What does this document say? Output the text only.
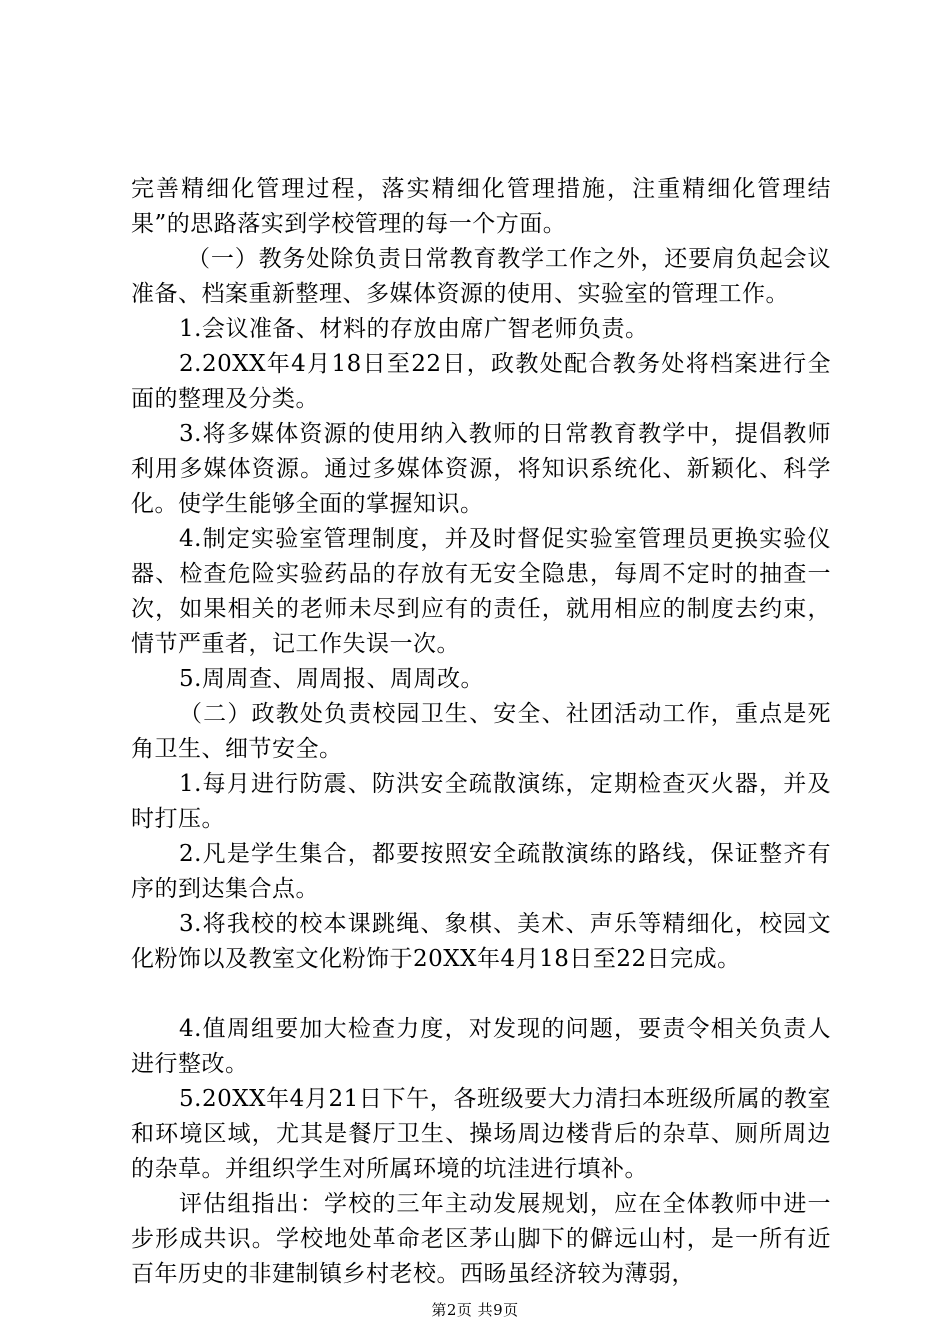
完善精细化管理过程，落实精细化管理措施，注重精细化管理结果”的思路落实到学校管理的每一个方面。

（一）教务处除负责日常教育教学工作之外，还要肩负起会议准备、档案重新整理、多媒体资源的使用、实验室的管理工作。

1.会议准备、材料的存放由席广智老师负责。

2.20XX年4月18日至22日，政教处配合教务处将档案进行全面的整理及分类。

3.将多媒体资源的使用纳入教师的日常教育教学中，提倡教师利用多媒体资源。通过多媒体资源，将知识系统化、新颖化、科学化。使学生能够全面的掌握知识。

4.制定实验室管理制度，并及时督促实验室管理员更换实验仪器、检查危险实验药品的存放有无安全隐患，每周不定时的抽查一次，如果相关的老师未尽到应有的责任，就用相应的制度去约束，情节严重者，记工作失误一次。

5.周周查、周周报、周周改。

（二）政教处负责校园卫生、安全、社团活动工作，重点是死角卫生、细节安全。

1.每月进行防震、防洪安全疏散演练，定期检查灭火器，并及时打压。

2.凡是学生集合，都要按照安全疏散演练的路线，保证整齐有序的到达集合点。

3.将我校的校本课跳绳、象棋、美术、声乐等精细化，校园文化粉饰以及教室文化粉饰于20XX年4月18日至22日完成。

4.值周组要加大检查力度，对发现的问题，要责令相关负责人进行整改。

5.20XX年4月21日下午，各班级要大力清扫本班级所属的教室和环境区域，尤其是餐厅卫生、操场周边楼背后的杂草、厕所周边的杂草。并组织学生对所属环境的坑洼进行填补。

评估组指出：学校的三年主动发展规划，应在全体教师中进一步形成共识。学校地处革命老区茅山脚下的僻远山村，是一所有近百年历史的非建制镇乡村老校。西旸虽经济较为薄弱，

第2页 共9页
